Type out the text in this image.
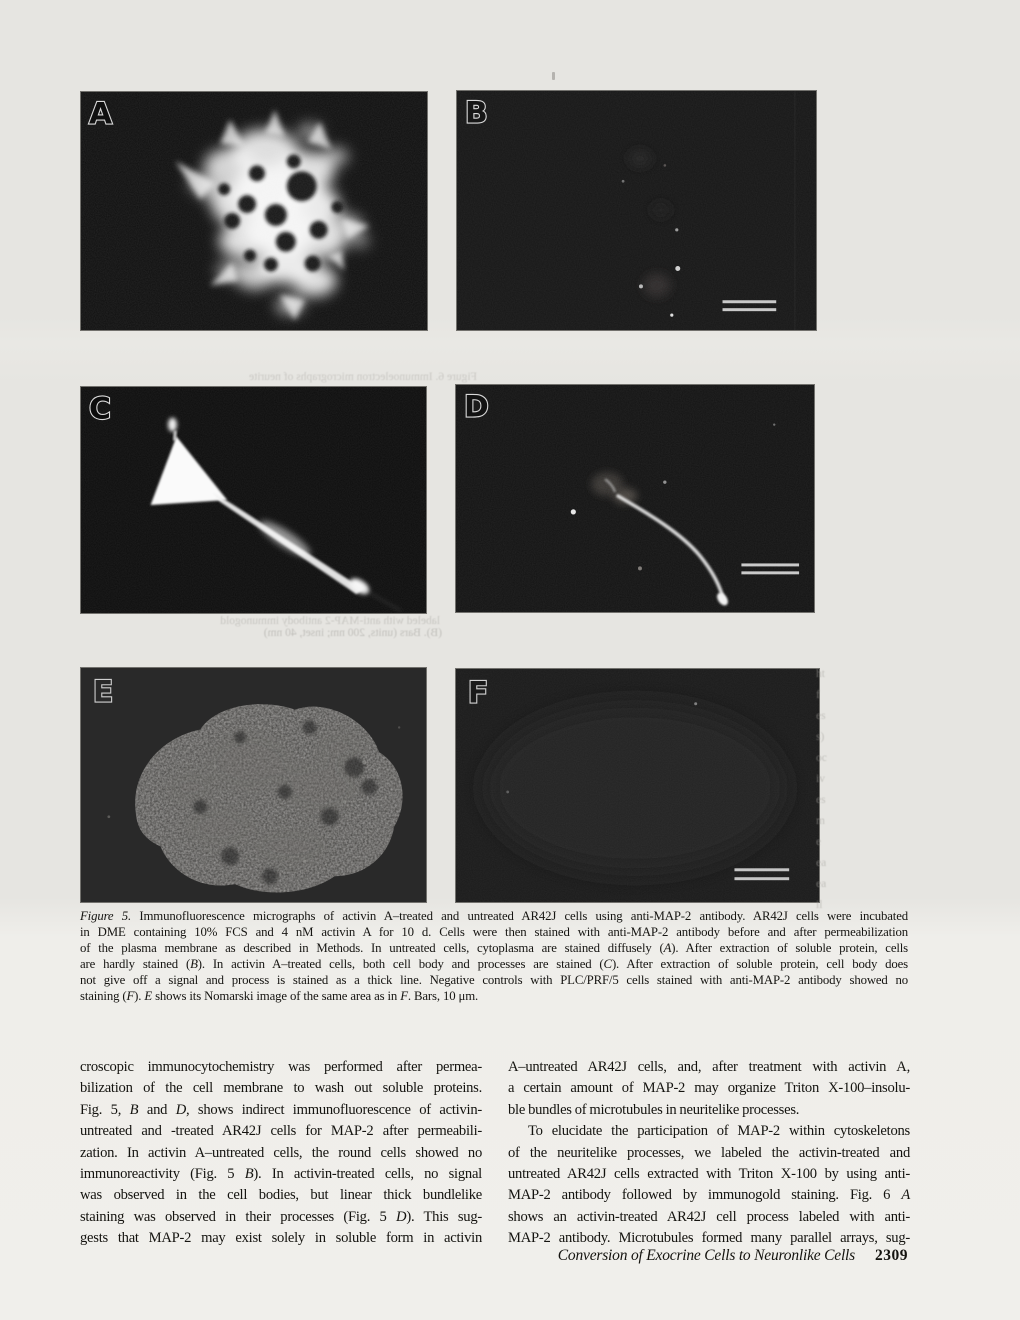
A	B
Figure 6. Immunoelectron micrographs of neurite
C	D
labeled with anti-MAP-2 antibody immunogold
(B). Bars (units, 200 nm; inset, 40 nm)
E	F
ht
f
es
s)
oc
iv
es
m
e
ea
ea
il
Figure 5. Immunofluorescence micrographs of activin A–treated and untreated AR42J cells using anti-MAP-2 antibody. AR42J cells were incubated
in DME containing 10% FCS and 4 nM activin A for 10 d. Cells were then stained with anti-MAP-2 antibody before and after permeabilization
of the plasma membrane as described in Methods. In untreated cells, cytoplasma are stained diffusely (A). After extraction of soluble protein, cells
are hardly stained (B). In activin A–treated cells, both cell body and processes are stained (C). After extraction of soluble protein, cell body does
not give off a signal and process is stained as a thick line. Negative controls with PLC/PRF/5 cells stained with anti-MAP-2 antibody showed no
staining (F). E shows its Nomarski image of the same area as in F. Bars, 10 μm.
croscopic immunocytochemistry was performed after permea-
bilization of the cell membrane to wash out soluble proteins.
Fig. 5, B and D, shows indirect immunofluorescence of activin-
untreated and -treated AR42J cells for MAP-2 after permeabili-
zation. In activin A–untreated cells, the round cells showed no
immunoreactivity (Fig. 5 B). In activin-treated cells, no signal
was observed in the cell bodies, but linear thick bundlelike
staining was observed in their processes (Fig. 5 D). This sug-
gests that MAP-2 may exist solely in soluble form in activin
A–untreated AR42J cells, and, after treatment with activin A,
a certain amount of MAP-2 may organize Triton X-100–insolu-
ble bundles of microtubules in neuritelike processes.
To elucidate the participation of MAP-2 within cytoskeletons
of the neuritelike processes, we labeled the activin-treated and
untreated AR42J cells extracted with Triton X-100 by using anti-
MAP-2 antibody followed by immunogold staining. Fig. 6 A
shows an activin-treated AR42J cell process labeled with anti-
MAP-2 antibody. Microtubules formed many parallel arrays, sug-
Conversion of Exocrine Cells to Neuronlike Cells 2309
